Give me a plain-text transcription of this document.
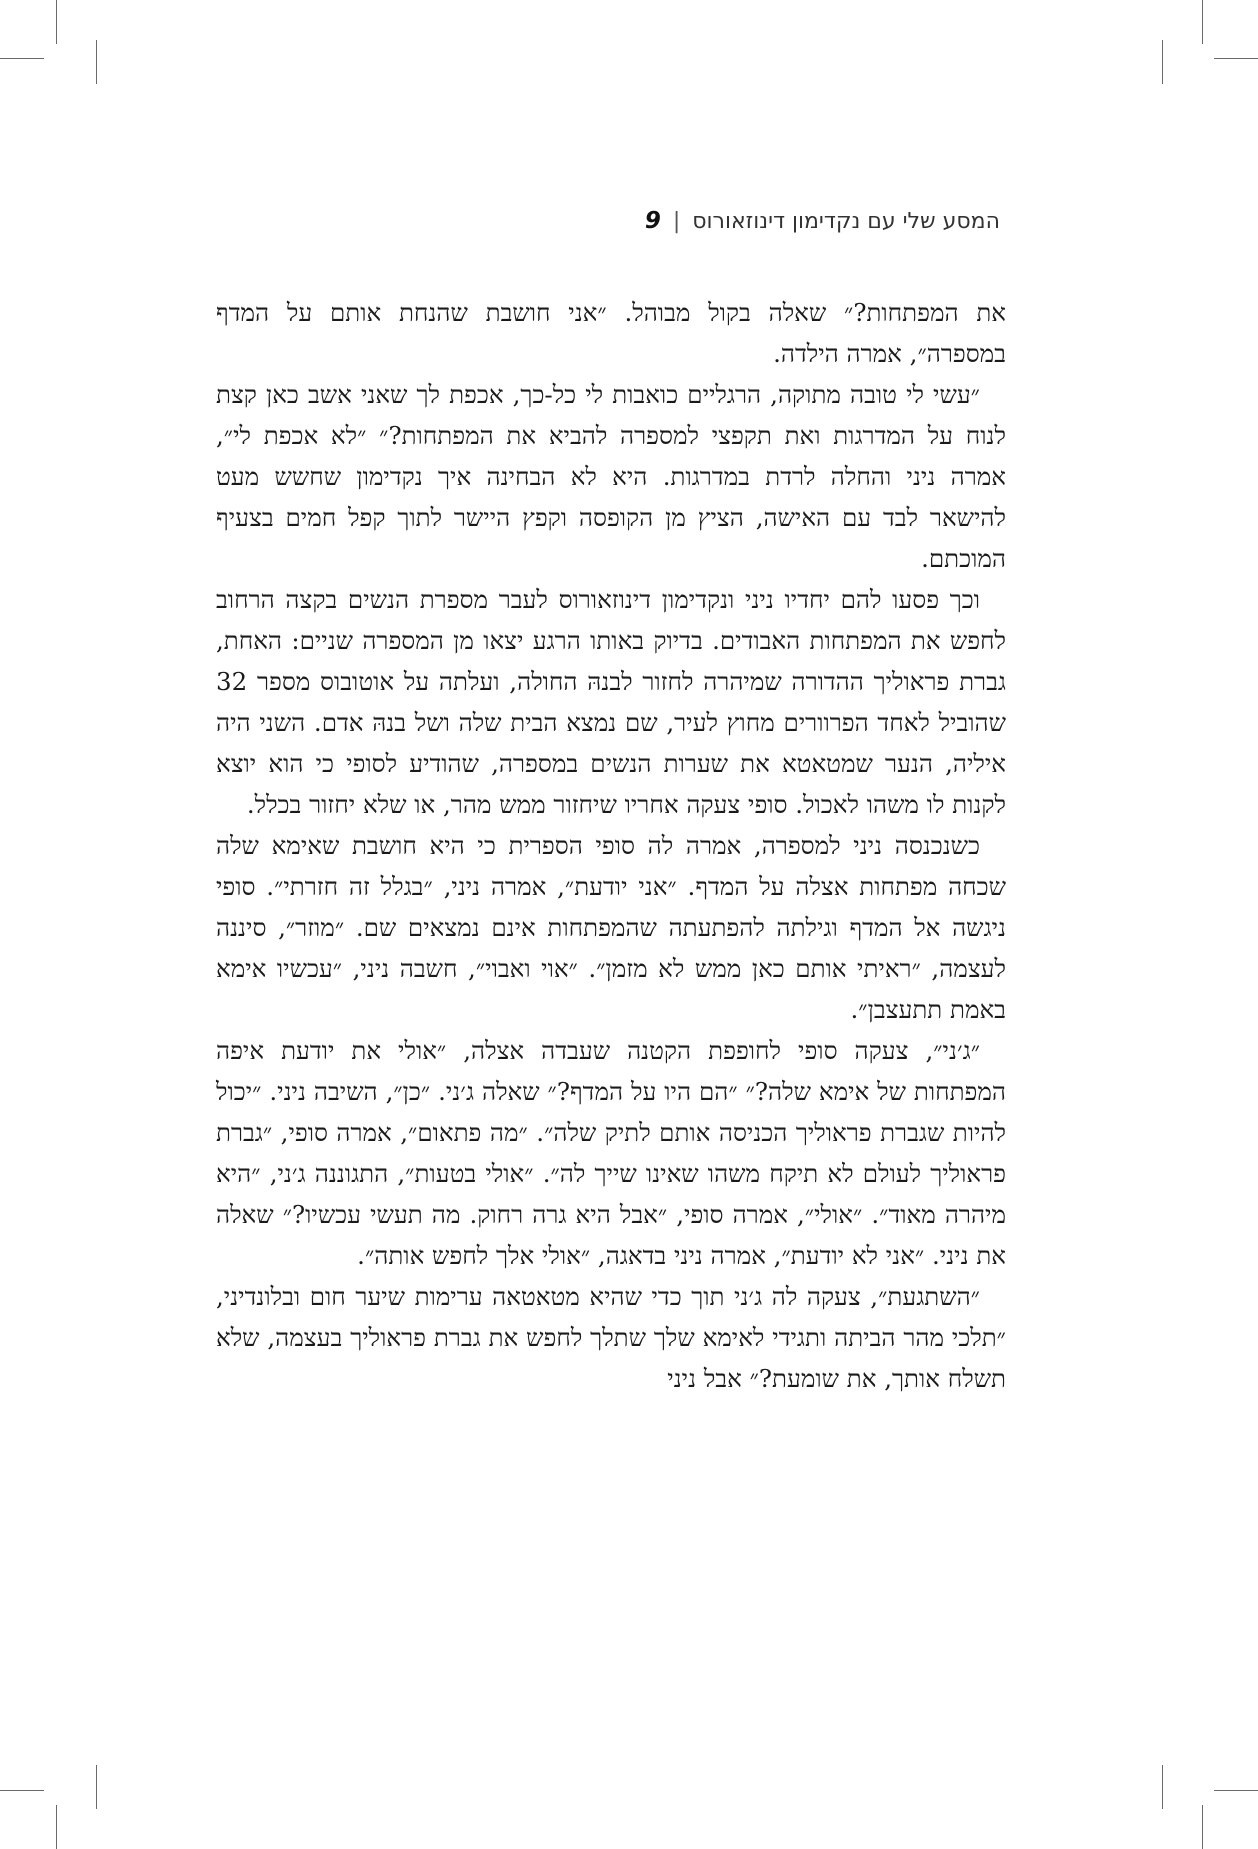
המסע שלי עם נקדימון דינוזאורוס|9

את המפתחות?״ שאלה בקול מבוהל. ״אני חושבת שהנחת אותם על המדף במספרה״, אמרה הילדה.

״עשי לי טובה מתוקה, הרגליים כואבות לי כל-כך, אכפת לך שאני אשב כאן קצת לנוח על המדרגות ואת תקפצי למספרה להביא את המפתחות?״ ״לא אכפת לי״, אמרה ניני והחלה לרדת במדרגות. היא לא הבחינה איך נקדימון שחשש מעט להישאר לבד עם האישה, הציץ מן הקופסה וקפץ היישר לתוך קפל חמים בצעיף המוכתם.

וכך פסעו להם יחדיו ניני ונקדימון דינוזאורוס לעבר מספרת הנשים בקצה הרחוב לחפש את המפתחות האבודים. בדיוק באותו הרגע יצאו מן המספרה שניים: האחת, גברת פראוליך ההדורה שמיהרה לחזור לבנהּ החולה, ועלתה על אוטובוס מספר 32 שהוביל לאחד הפרוורים מחוץ לעיר, שם נמצא הבית שלה ושל בנהּ אדם. השני היה איליה, הנער שמטאטא את שערות הנשים במספרה, שהודיע לסופי כי הוא יוצא לקנות לו משהו לאכול. סופי צעקה אחריו שיחזור ממש מהר, או שלא יחזור בכלל.

כשנכנסה ניני למספרה, אמרה לה סופי הספרית כי היא חושבת שאימא שלה שכחה מפתחות אצלה על המדף. ״אני יודעת״, אמרה ניני, ״בגלל זה חזרתי״. סופי ניגשה אל המדף וגילתה להפתעתה שהמפתחות אינם נמצאים שם. ״מוזר״, סיננה לעצמה, ״ראיתי אותם כאן ממש לא מזמן״. ״אוי ואבוי״, חשבה ניני, ״עכשיו אימא באמת תתעצבן״.

״ג׳ני״, צעקה סופי לחופפת הקטנה שעבדה אצלה, ״אולי את יודעת איפה המפתחות של אימא שלה?״ ״הם היו על המדף?״ שאלה ג׳ני. ״כן״, השיבה ניני. ״יכול להיות שגברת פראוליך הכניסה אותם לתיק שלה״. ״מה פתאום״, אמרה סופי, ״גברת פראוליך לעולם לא תיקח משהו שאינו שייך לה״. ״אולי בטעות״, התגוננה ג׳ני, ״היא מיהרה מאוד״. ״אולי״, אמרה סופי, ״אבל היא גרה רחוק. מה תעשי עכשיו?״ שאלה את ניני. ״אני לא יודעת״, אמרה ניני בדאגה, ״אולי אלך לחפש אותה״.

״השתגעת״, צעקה לה ג׳ני תוך כדי שהיא מטאטאה ערימות שיער חום ובלונדיני, ״תלכי מהר הביתה ותגידי לאימא שלך שתלך לחפש את גברת פראוליך בעצמה, שלא תשלח אותך, את שומעת?״ אבל ניני
